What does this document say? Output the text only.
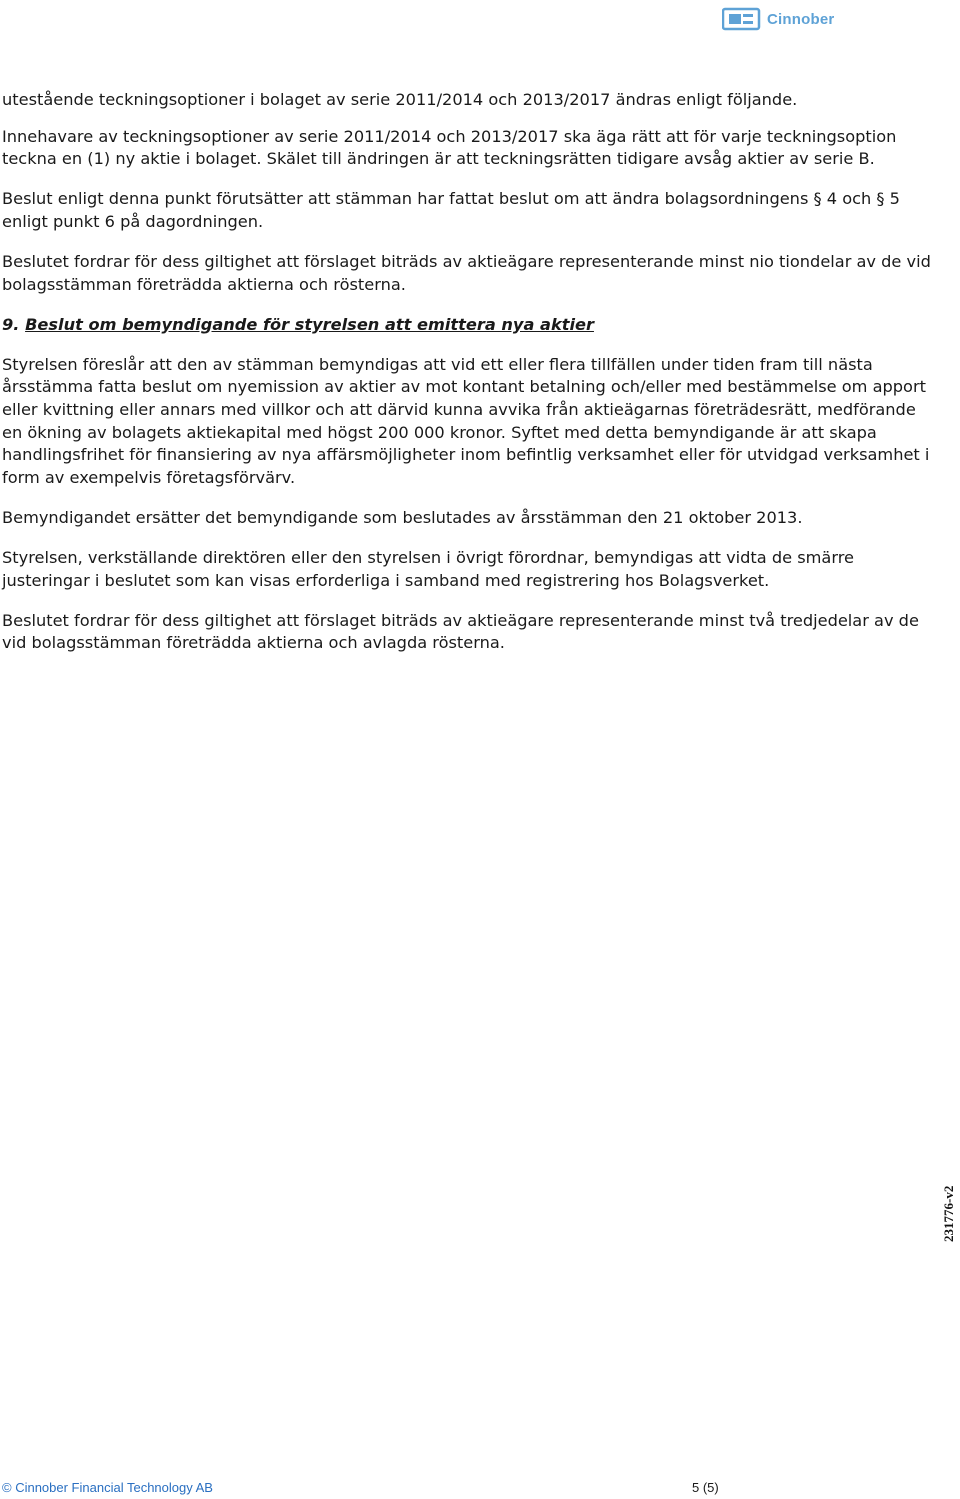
Cinnober

utestående teckningsoptioner i bolaget av serie 2011/2014 och 2013/2017 ändras enligt följande.

Innehavare av teckningsoptioner av serie 2011/2014 och 2013/2017 ska äga rätt att för varje teckningsoption teckna en (1) ny aktie i bolaget. Skälet till ändringen är att teckningsrätten tidigare avsåg aktier av serie B.

Beslut enligt denna punkt förutsätter att stämman har fattat beslut om att ändra bolagsordningens § 4 och § 5 enligt punkt 6 på dagordningen.

Beslutet fordrar för dess giltighet att förslaget biträds av aktieägare representerande minst nio tiondelar av de vid bolagsstämman företrädda aktierna och rösterna.

9. Beslut om bemyndigande för styrelsen att emittera nya aktier

Styrelsen föreslår att den av stämman bemyndigas att vid ett eller flera tillfällen under tiden fram till nästa årsstämma fatta beslut om nyemission av aktier av mot kontant betalning och/eller med bestämmelse om apport eller kvittning eller annars med villkor och att därvid kunna avvika från aktieägarnas företrädesrätt, medförande en ökning av bolagets aktiekapital med högst 200 000 kronor. Syftet med detta bemyndigande är att skapa handlingsfrihet för finansiering av nya affärsmöjligheter inom befintlig verksamhet eller för utvidgad verksamhet i form av exempelvis företagsförvärv.

Bemyndigandet ersätter det bemyndigande som beslutades av årsstämman den 21 oktober 2013.

Styrelsen, verkställande direktören eller den styrelsen i övrigt förordnar, bemyndigas att vidta de smärre justeringar i beslutet som kan visas erforderliga i samband med registrering hos Bolagsverket.

Beslutet fordrar för dess giltighet att förslaget biträds av aktieägare representerande minst två tredjedelar av de vid bolagsstämman företrädda aktierna och avlagda rösterna.

231776-v2
© Cinnober Financial Technology AB	5 (5)
